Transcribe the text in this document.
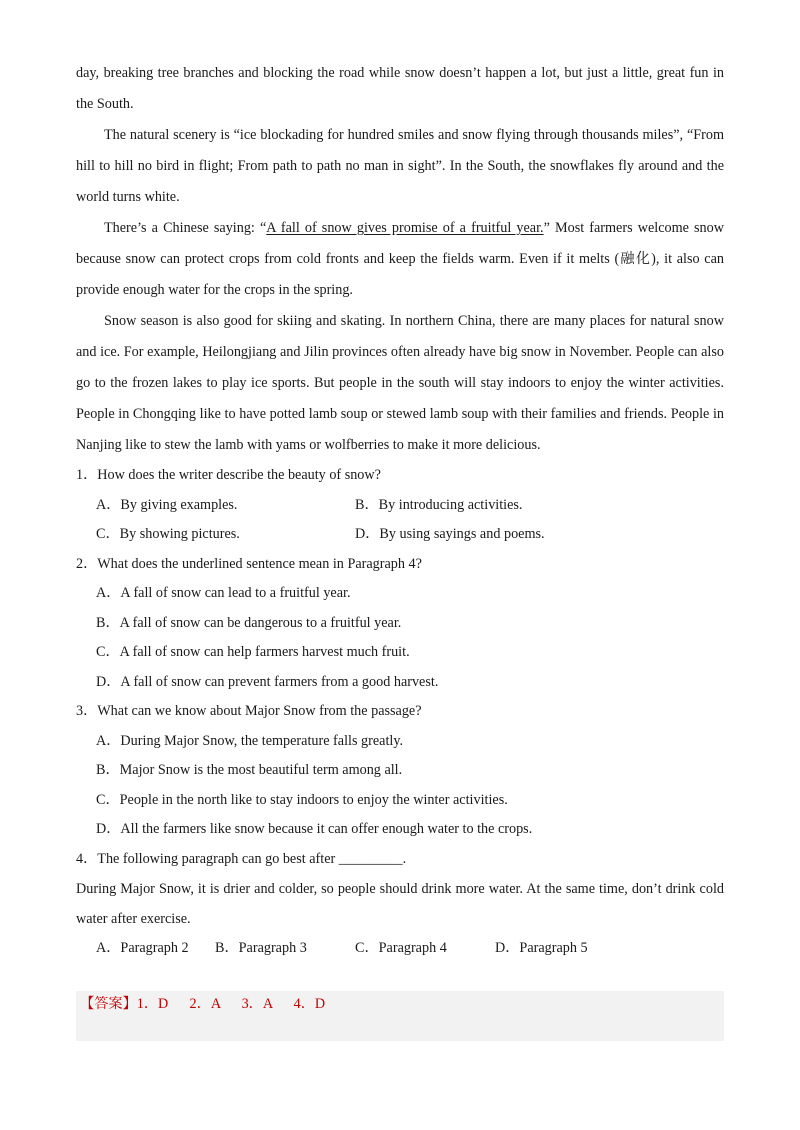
day, breaking tree branches and blocking the road while snow doesn’t happen a lot, but just a little, great fun in the South.

The natural scenery is “ice blockading for hundred smiles and snow flying through thousands miles”, “From hill to hill no bird in flight; From path to path no man in sight”. In the South, the snowflakes fly around and the world turns white.

There’s a Chinese saying: “A fall of snow gives promise of a fruitful year.” Most farmers welcome snow because snow can protect crops from cold fronts and keep the fields warm. Even if it melts (融化), it also can provide enough water for the crops in the spring.

Snow season is also good for skiing and skating. In northern China, there are many places for natural snow and ice. For example, Heilongjiang and Jilin provinces often already have big snow in November. People can also go to the frozen lakes to play ice sports. But people in the south will stay indoors to enjoy the winter activities. People in Chongqing like to have potted lamb soup or stewed lamb soup with their families and friends. People in Nanjing like to stew the lamb with yams or wolfberries to make it more delicious.

1．How does the writer describe the beauty of snow?

A．By giving examples.	B．By introducing activities.
C．By showing pictures.	D．By using sayings and poems.

2．What does the underlined sentence mean in Paragraph 4?

A．A fall of snow can lead to a fruitful year.

B．A fall of snow can be dangerous to a fruitful year.

C．A fall of snow can help farmers harvest much fruit.

D．A fall of snow can prevent farmers from a good harvest.

3．What can we know about Major Snow from the passage?

A．During Major Snow, the temperature falls greatly.

B．Major Snow is the most beautiful term among all.

C．People in the north like to stay indoors to enjoy the winter activities.

D．All the farmers like snow because it can offer enough water to the crops.

4．The following paragraph can go best after _________.

During Major Snow, it is drier and colder, so people should drink more water. At the same time, don’t drink cold water after exercise.

A．Paragraph 2	B．Paragraph 3	C．Paragraph 4	D．Paragraph 5
【答案】1．D      2．A      3．A      4．D
